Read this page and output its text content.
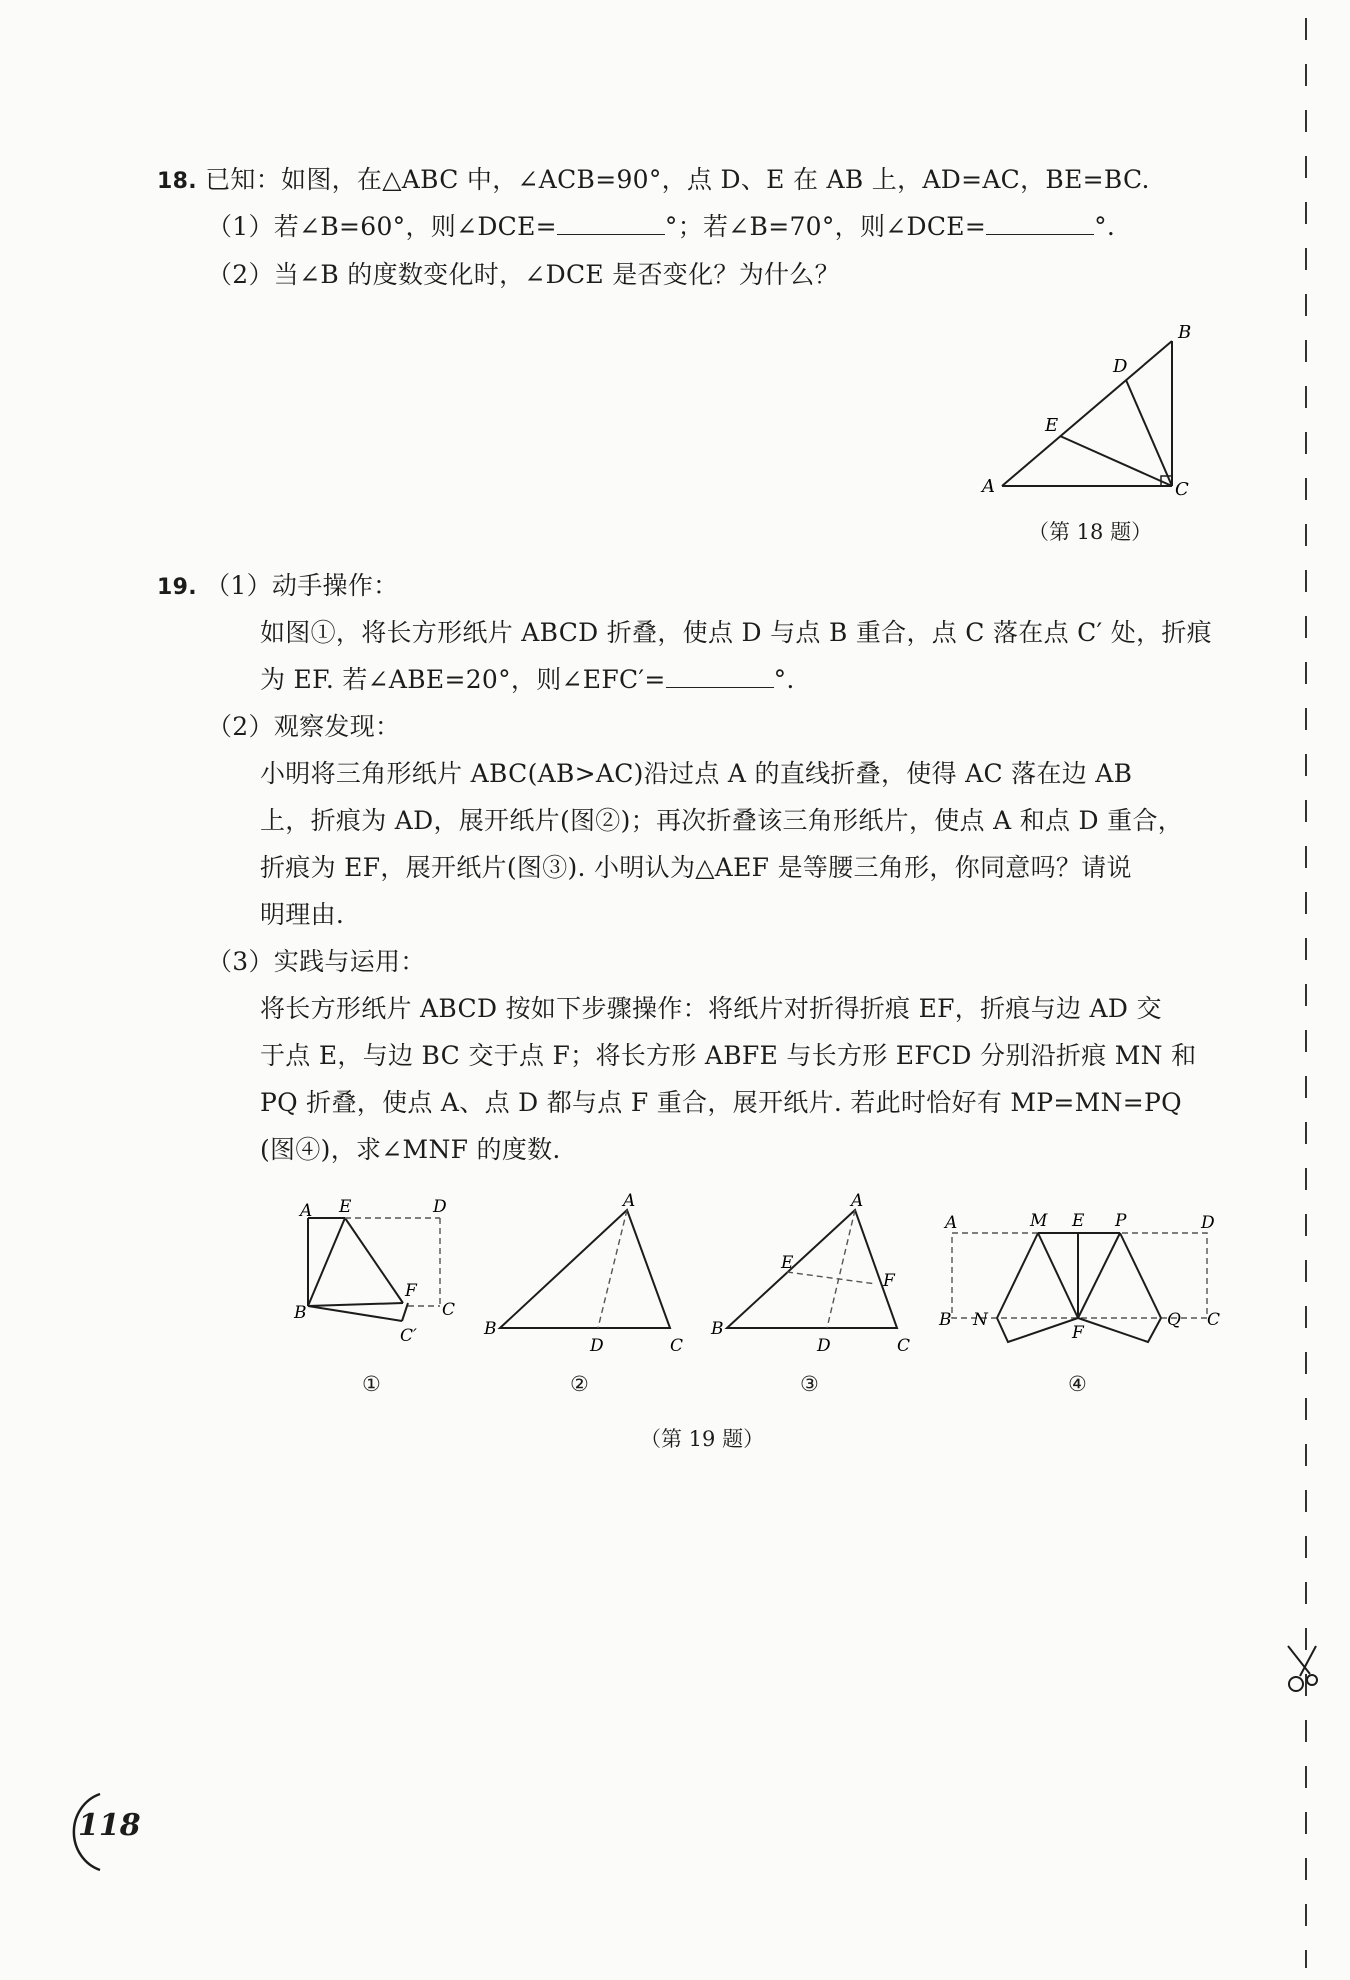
18. 已知：如图，在△ABC 中，∠ACB=90°，点 D、E 在 AB 上，AD=AC，BE=BC.
（1）若∠B=60°，则∠DCE=	°；若∠B=70°，则∠DCE=	°.
（2）当∠B 的度数变化时，∠DCE 是否变化？为什么？
A
B
C
D
E
（第 18 题）
19. （1）动手操作：
如图①，将长方形纸片 ABCD 折叠，使点 D 与点 B 重合，点 C 落在点 C′ 处，折痕
为 EF. 若∠ABE=20°，则∠EFC′=	°.
（2）观察发现：
小明将三角形纸片 ABC(AB>AC)沿过点 A 的直线折叠，使得 AC 落在边 AB
上，折痕为 AD，展开纸片(图②)；再次折叠该三角形纸片，使点 A 和点 D 重合，
折痕为 EF，展开纸片(图③). 小明认为△AEF 是等腰三角形，你同意吗？请说
明理由.
（3）实践与运用：
将长方形纸片 ABCD 按如下步骤操作：将纸片对折得折痕 EF，折痕与边 AD 交
于点 E，与边 BC 交于点 F；将长方形 ABFE 与长方形 EFCD 分别沿折痕 MN 和
PQ 折叠，使点 A、点 D 都与点 F 重合，展开纸片. 若此时恰好有 MP=MN=PQ
(图④)，求∠MNF 的度数.
A E	D
F
B	C
C′
①
A
B
D	C
②
A
E
F
B
D	C
③
A	M E P	D
B N
F
Q C
④
（第 19 题）
118
